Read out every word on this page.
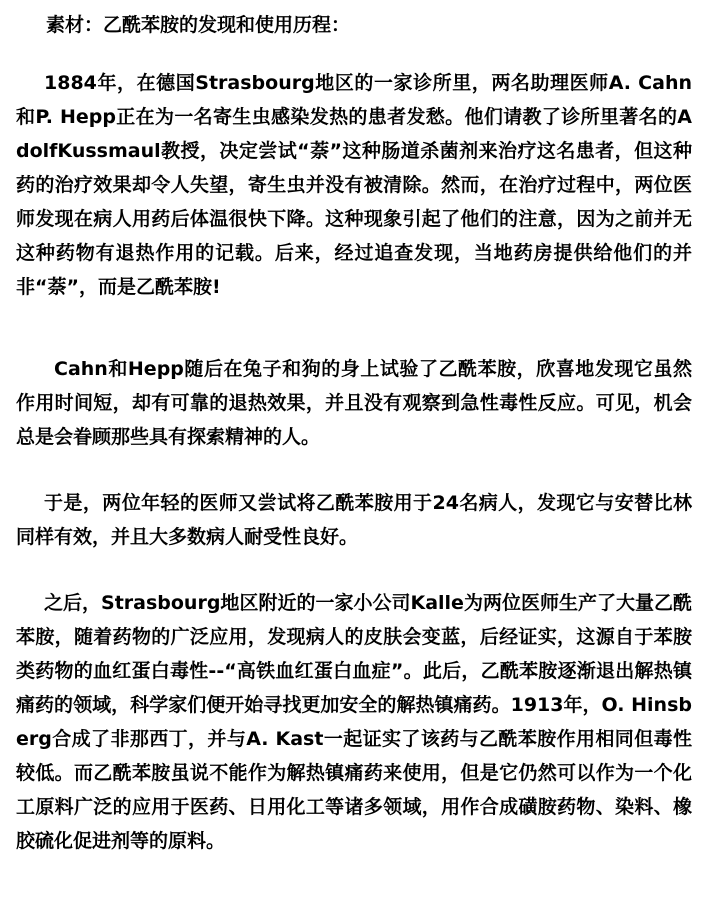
素材：乙酰苯胺的发现和使用历程：

1884年，在德国Strasbourg地区的一家诊所里，两名助理医师A. Cahn和P. Hepp正在为一名寄生虫感染发热的患者发愁。他们请教了诊所里著名的AdolfKussmaul教授，决定尝试“萘”这种肠道杀菌剂来治疗这名患者，但这种药的治疗效果却令人失望，寄生虫并没有被清除。然而，在治疗过程中，两位医师发现在病人用药后体温很快下降。这种现象引起了他们的注意，因为之前并无这种药物有退热作用的记载。后来，经过追查发现，当地药房提供给他们的并非“萘”，而是乙酰苯胺!

Cahn和Hepp随后在兔子和狗的身上试验了乙酰苯胺，欣喜地发现它虽然作用时间短，却有可靠的退热效果，并且没有观察到急性毒性反应。可见，机会总是会眷顾那些具有探索精神的人。

于是，两位年轻的医师又尝试将乙酰苯胺用于24名病人，发现它与安替比林同样有效，并且大多数病人耐受性良好。

之后，Strasbourg地区附近的一家小公司Kalle为两位医师生产了大量乙酰苯胺，随着药物的广泛应用，发现病人的皮肤会变蓝，后经证实，这源自于苯胺类药物的血红蛋白毒性--“高铁血红蛋白血症”。此后，乙酰苯胺逐渐退出解热镇痛药的领域，科学家们便开始寻找更加安全的解热镇痛药。1913年，O. Hinsberg合成了非那西丁，并与A. Kast一起证实了该药与乙酰苯胺作用相同但毒性较低。而乙酰苯胺虽说不能作为解热镇痛药来使用，但是它仍然可以作为一个化工原料广泛的应用于医药、日用化工等诸多领域，用作合成磺胺药物、染料、橡胶硫化促进剂等的原料。
